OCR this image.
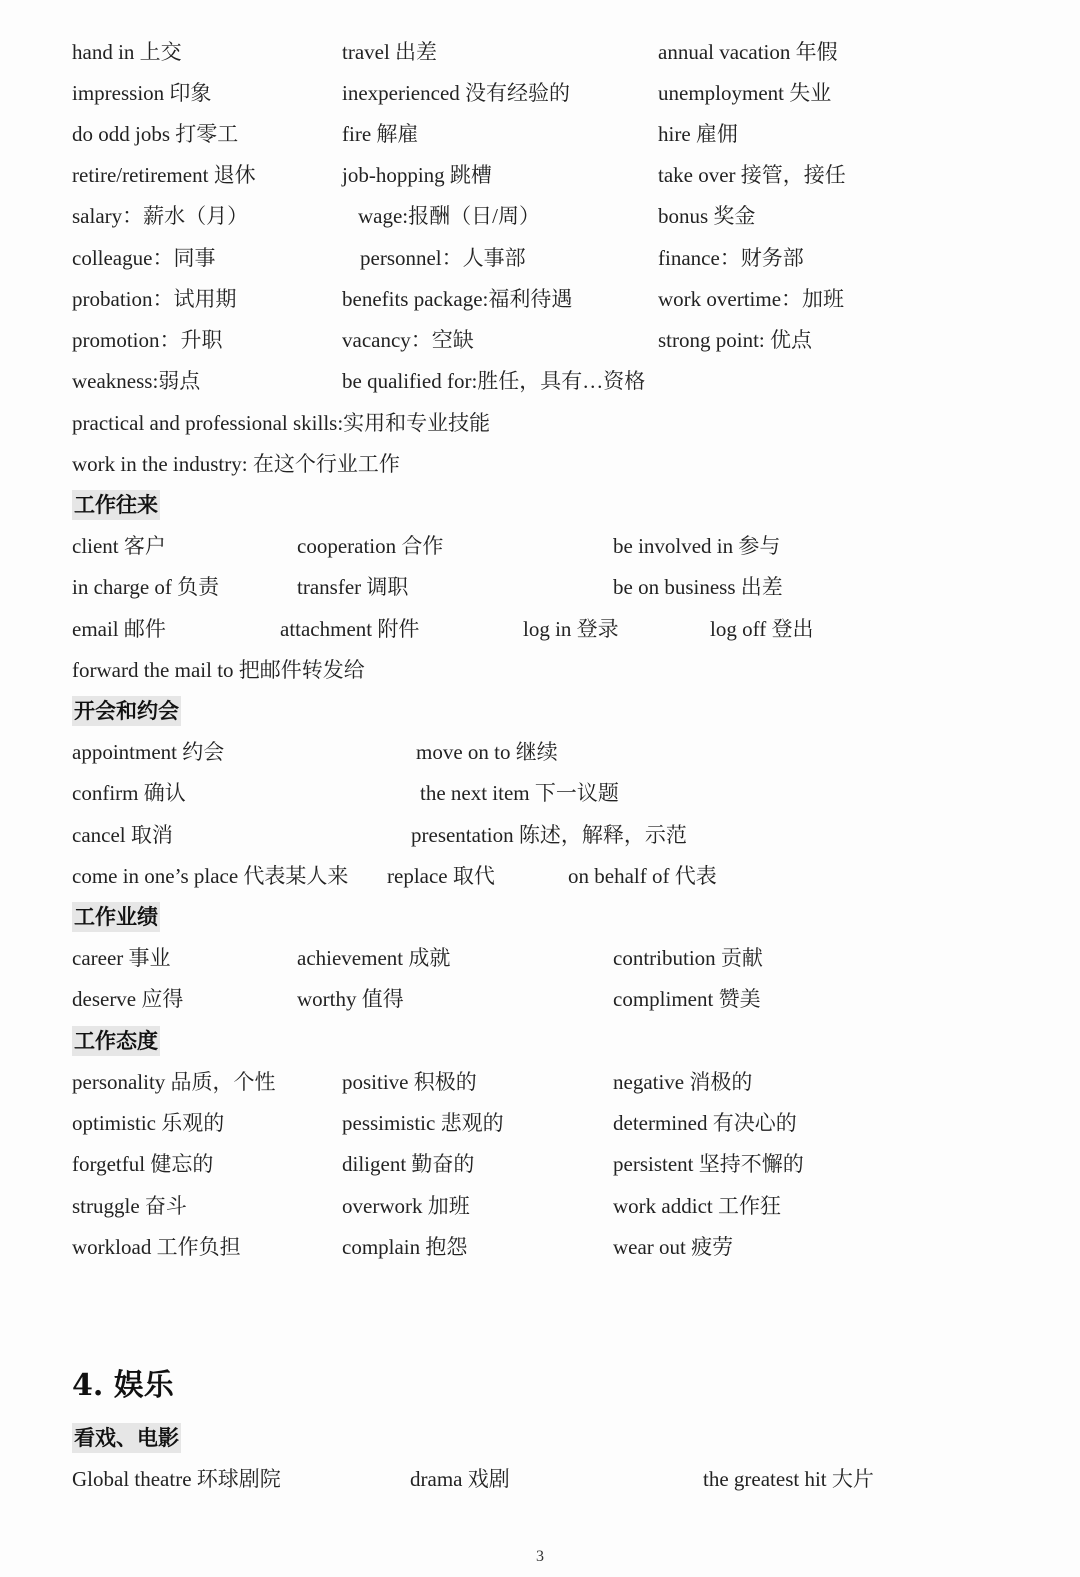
hand in 上交	travel 出差	annual vacation 年假
impression 印象	inexperienced 没有经验的	unemployment 失业
do odd jobs 打零工	fire 解雇	hire 雇佣
retire/retirement 退休	job-hopping 跳槽	take over 接管，接任
salary：薪水（月）	wage:报酬（日/周）	bonus 奖金
colleague：同事	personnel：人事部	finance：财务部
probation：试用期	benefits package:福利待遇	work overtime：加班
promotion：升职	vacancy：空缺	strong point: 优点
weakness:弱点	be qualified for:胜任，具有…资格
practical and professional skills:实用和专业技能
work in the industry: 在这个行业工作
工作往来
client 客户	cooperation 合作	be involved in 参与
in charge of 负责	transfer 调职	be on business 出差
email 邮件	attachment 附件	log in 登录	log off 登出
forward the mail to 把邮件转发给
开会和约会
appointment 约会	move on to 继续
confirm 确认	the next item 下一议题
cancel 取消	presentation 陈述，解释，示范
come in one’s place 代表某人来 replace 取代	on behalf of 代表
工作业绩
career 事业	achievement 成就	contribution 贡献
deserve 应得	worthy 值得	compliment 赞美
工作态度
personality 品质，个性	positive 积极的	negative 消极的
optimistic 乐观的	pessimistic 悲观的	determined 有决心的
forgetful 健忘的	diligent 勤奋的	persistent 坚持不懈的
struggle 奋斗	overwork 加班	work addict 工作狂
workload 工作负担	complain 抱怨	wear out 疲劳
4. 娱乐
看戏、电影
Global theatre 环球剧院	drama 戏剧	the greatest hit 大片
3
